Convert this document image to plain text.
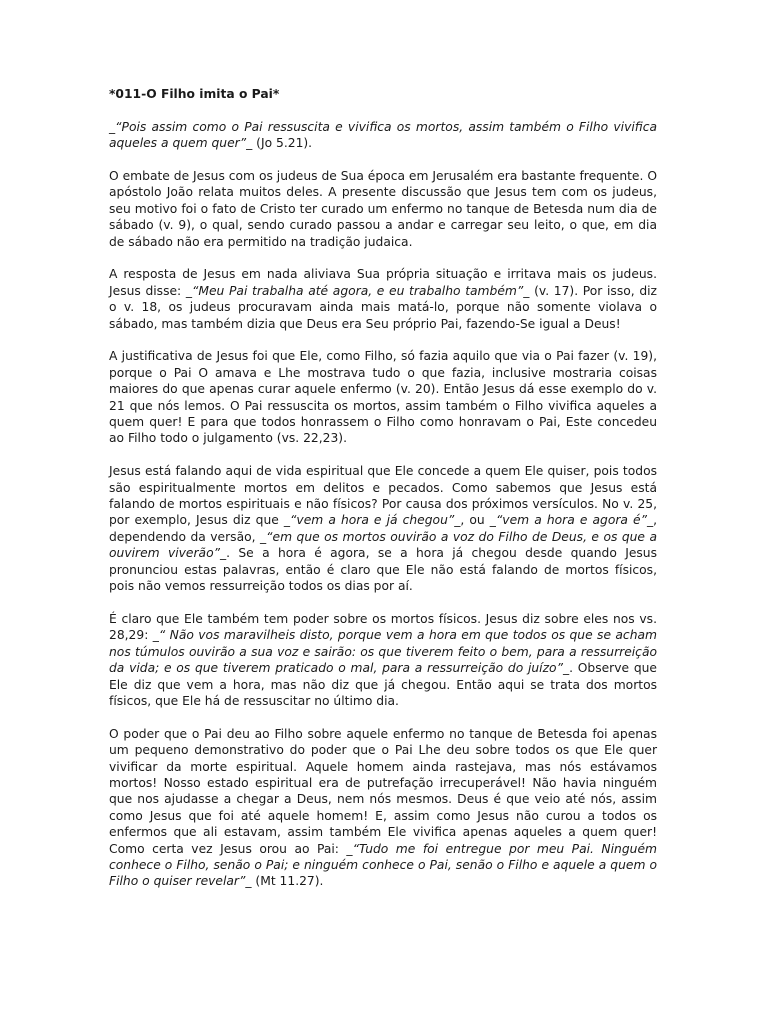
*011-O Filho imita o Pai*

_“Pois assim como o Pai ressuscita e vivifica os mortos, assim também o Filho vivifica aqueles a quem quer”_ (Jo 5.21).

O embate de Jesus com os judeus de Sua época em Jerusalém era bastante frequente. O apóstolo João relata muitos deles. A presente discussão que Jesus tem com os judeus, seu motivo foi o fato de Cristo ter curado um enfermo no tanque de Betesda num dia de sábado (v. 9), o qual, sendo curado passou a andar e carregar seu leito, o que, em dia de sábado não era permitido na tradição judaica.

A resposta de Jesus em nada aliviava Sua própria situação e irritava mais os judeus. Jesus disse: _“Meu Pai trabalha até agora, e eu trabalho também”_ (v. 17). Por isso, diz o v. 18, os judeus procuravam ainda mais matá-lo, porque não somente violava o sábado, mas também dizia que Deus era Seu próprio Pai, fazendo-Se igual a Deus!

A justificativa de Jesus foi que Ele, como Filho, só fazia aquilo que via o Pai fazer (v. 19), porque o Pai O amava e Lhe mostrava tudo o que fazia, inclusive mostraria coisas maiores do que apenas curar aquele enfermo (v. 20). Então Jesus dá esse exemplo do v. 21 que nós lemos. O Pai ressuscita os mortos, assim também o Filho vivifica aqueles a quem quer! E para que todos honrassem o Filho como honravam o Pai, Este concedeu ao Filho todo o julgamento (vs. 22,23).

Jesus está falando aqui de vida espiritual que Ele concede a quem Ele quiser, pois todos são espiritualmente mortos em delitos e pecados. Como sabemos que Jesus está falando de mortos espirituais e não físicos? Por causa dos próximos versículos. No v. 25, por exemplo, Jesus diz que _“vem a hora e já chegou”_, ou _“vem a hora e agora é”_, dependendo da versão, _“em que os mortos ouvirão a voz do Filho de Deus, e os que a ouvirem viverão”_. Se a hora é agora, se a hora já chegou desde quando Jesus pronunciou estas palavras, então é claro que Ele não está falando de mortos físicos, pois não vemos ressurreição todos os dias por aí.

É claro que Ele também tem poder sobre os mortos físicos. Jesus diz sobre eles nos vs. 28,29: _“ Não vos maravilheis disto, porque vem a hora em que todos os que se acham nos túmulos ouvirão a sua voz e sairão: os que tiverem feito o bem, para a ressurreição da vida; e os que tiverem praticado o mal, para a ressurreição do juízo”_. Observe que Ele diz que vem a hora, mas não diz que já chegou. Então aqui se trata dos mortos físicos, que Ele há de ressuscitar no último dia.

O poder que o Pai deu ao Filho sobre aquele enfermo no tanque de Betesda foi apenas um pequeno demonstrativo do poder que o Pai Lhe deu sobre todos os que Ele quer vivificar da morte espiritual. Aquele homem ainda rastejava, mas nós estávamos mortos! Nosso estado espiritual era de putrefação irrecuperável! Não havia ninguém que nos ajudasse a chegar a Deus, nem nós mesmos. Deus é que veio até nós, assim como Jesus que foi até aquele homem! E, assim como Jesus não curou a todos os enfermos que ali estavam, assim também Ele vivifica apenas aqueles a quem quer! Como certa vez Jesus orou ao Pai: _“Tudo me foi entregue por meu Pai. Ninguém conhece o Filho, senão o Pai; e ninguém conhece o Pai, senão o Filho e aquele a quem o Filho o quiser revelar”_ (Mt 11.27).
